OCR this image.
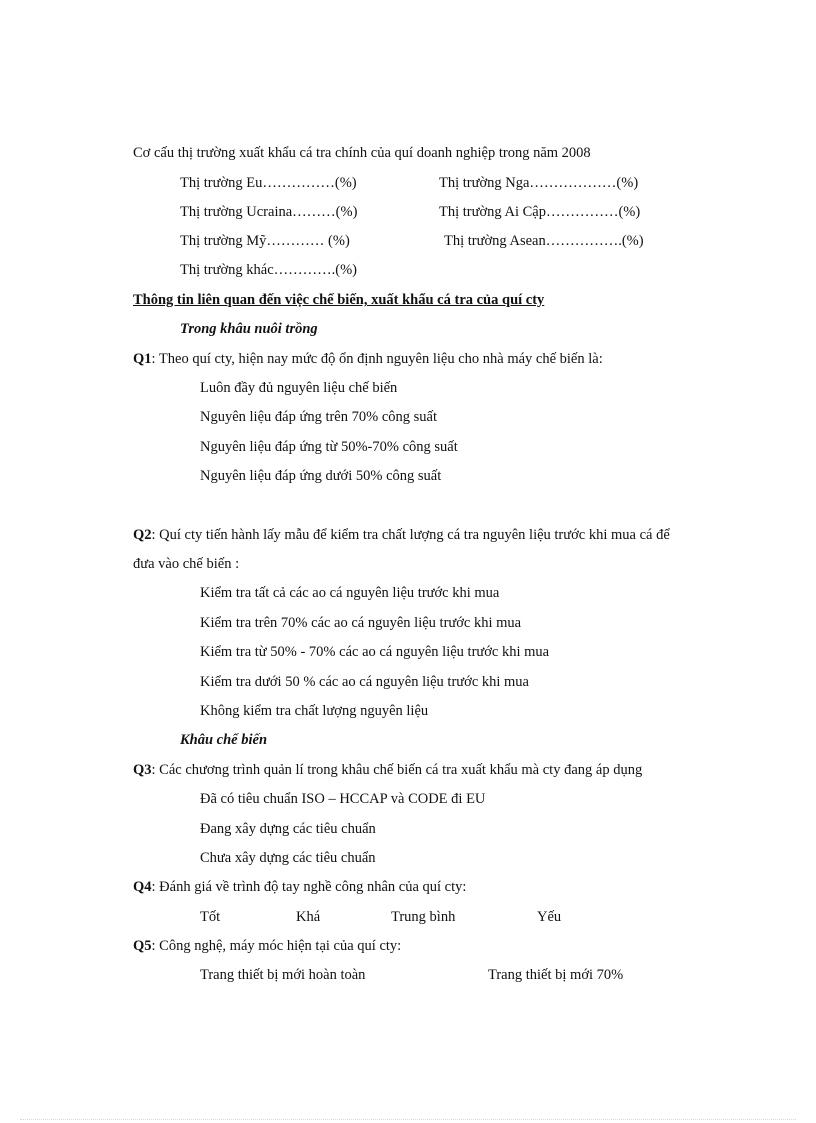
Cơ cấu thị trường xuất khẩu cá tra chính của quí doanh nghiệp trong năm 2008
Thị trường Eu……………(%)	Thị trường Nga………………(%)
Thị trường Ucraina………(%)	Thị trường Ai Cập……………(%)
Thị trường Mỹ………… (%)	Thị trường Asean…………….(%)
Thị trường khác………….(%)
Thông tin liên quan đến việc chế biến, xuất khẩu cá tra của quí cty
Trong khâu nuôi trồng
Q1: Theo quí cty, hiện nay mức độ ổn định nguyên liệu cho nhà máy chế biến là:
Luôn đầy đủ nguyên liệu chế biến
Nguyên liệu đáp ứng trên 70% công suất
Nguyên liệu đáp ứng từ 50%-70% công suất
Nguyên liệu đáp ứng dưới 50% công suất
Q2: Quí cty tiến hành lấy mẫu để kiểm tra chất lượng cá tra nguyên liệu trước khi mua cá để
đưa vào chế biến :
Kiểm tra tất cả các ao cá nguyên liệu trước khi mua
Kiểm tra trên 70% các ao cá nguyên liệu trước khi mua
Kiểm tra từ 50% - 70% các ao cá nguyên liệu trước khi mua
Kiểm tra dưới 50 % các ao cá nguyên liệu trước khi mua
Không kiểm tra chất lượng nguyên liệu
Khâu chế biến
Q3: Các chương trình quản lí trong khâu chế biến cá tra xuất khẩu mà cty đang áp dụng
Đã có tiêu chuẩn ISO – HCCAP và CODE đi EU
Đang xây dựng các tiêu chuẩn
Chưa xây dựng các tiêu chuẩn
Q4: Đánh giá về trình độ tay nghề công nhân của quí cty:
Tốt	Khá	Trung bình	Yếu
Q5: Công nghệ, máy móc hiện tại của quí cty:
Trang thiết bị mới hoàn toàn	Trang thiết bị mới 70%
